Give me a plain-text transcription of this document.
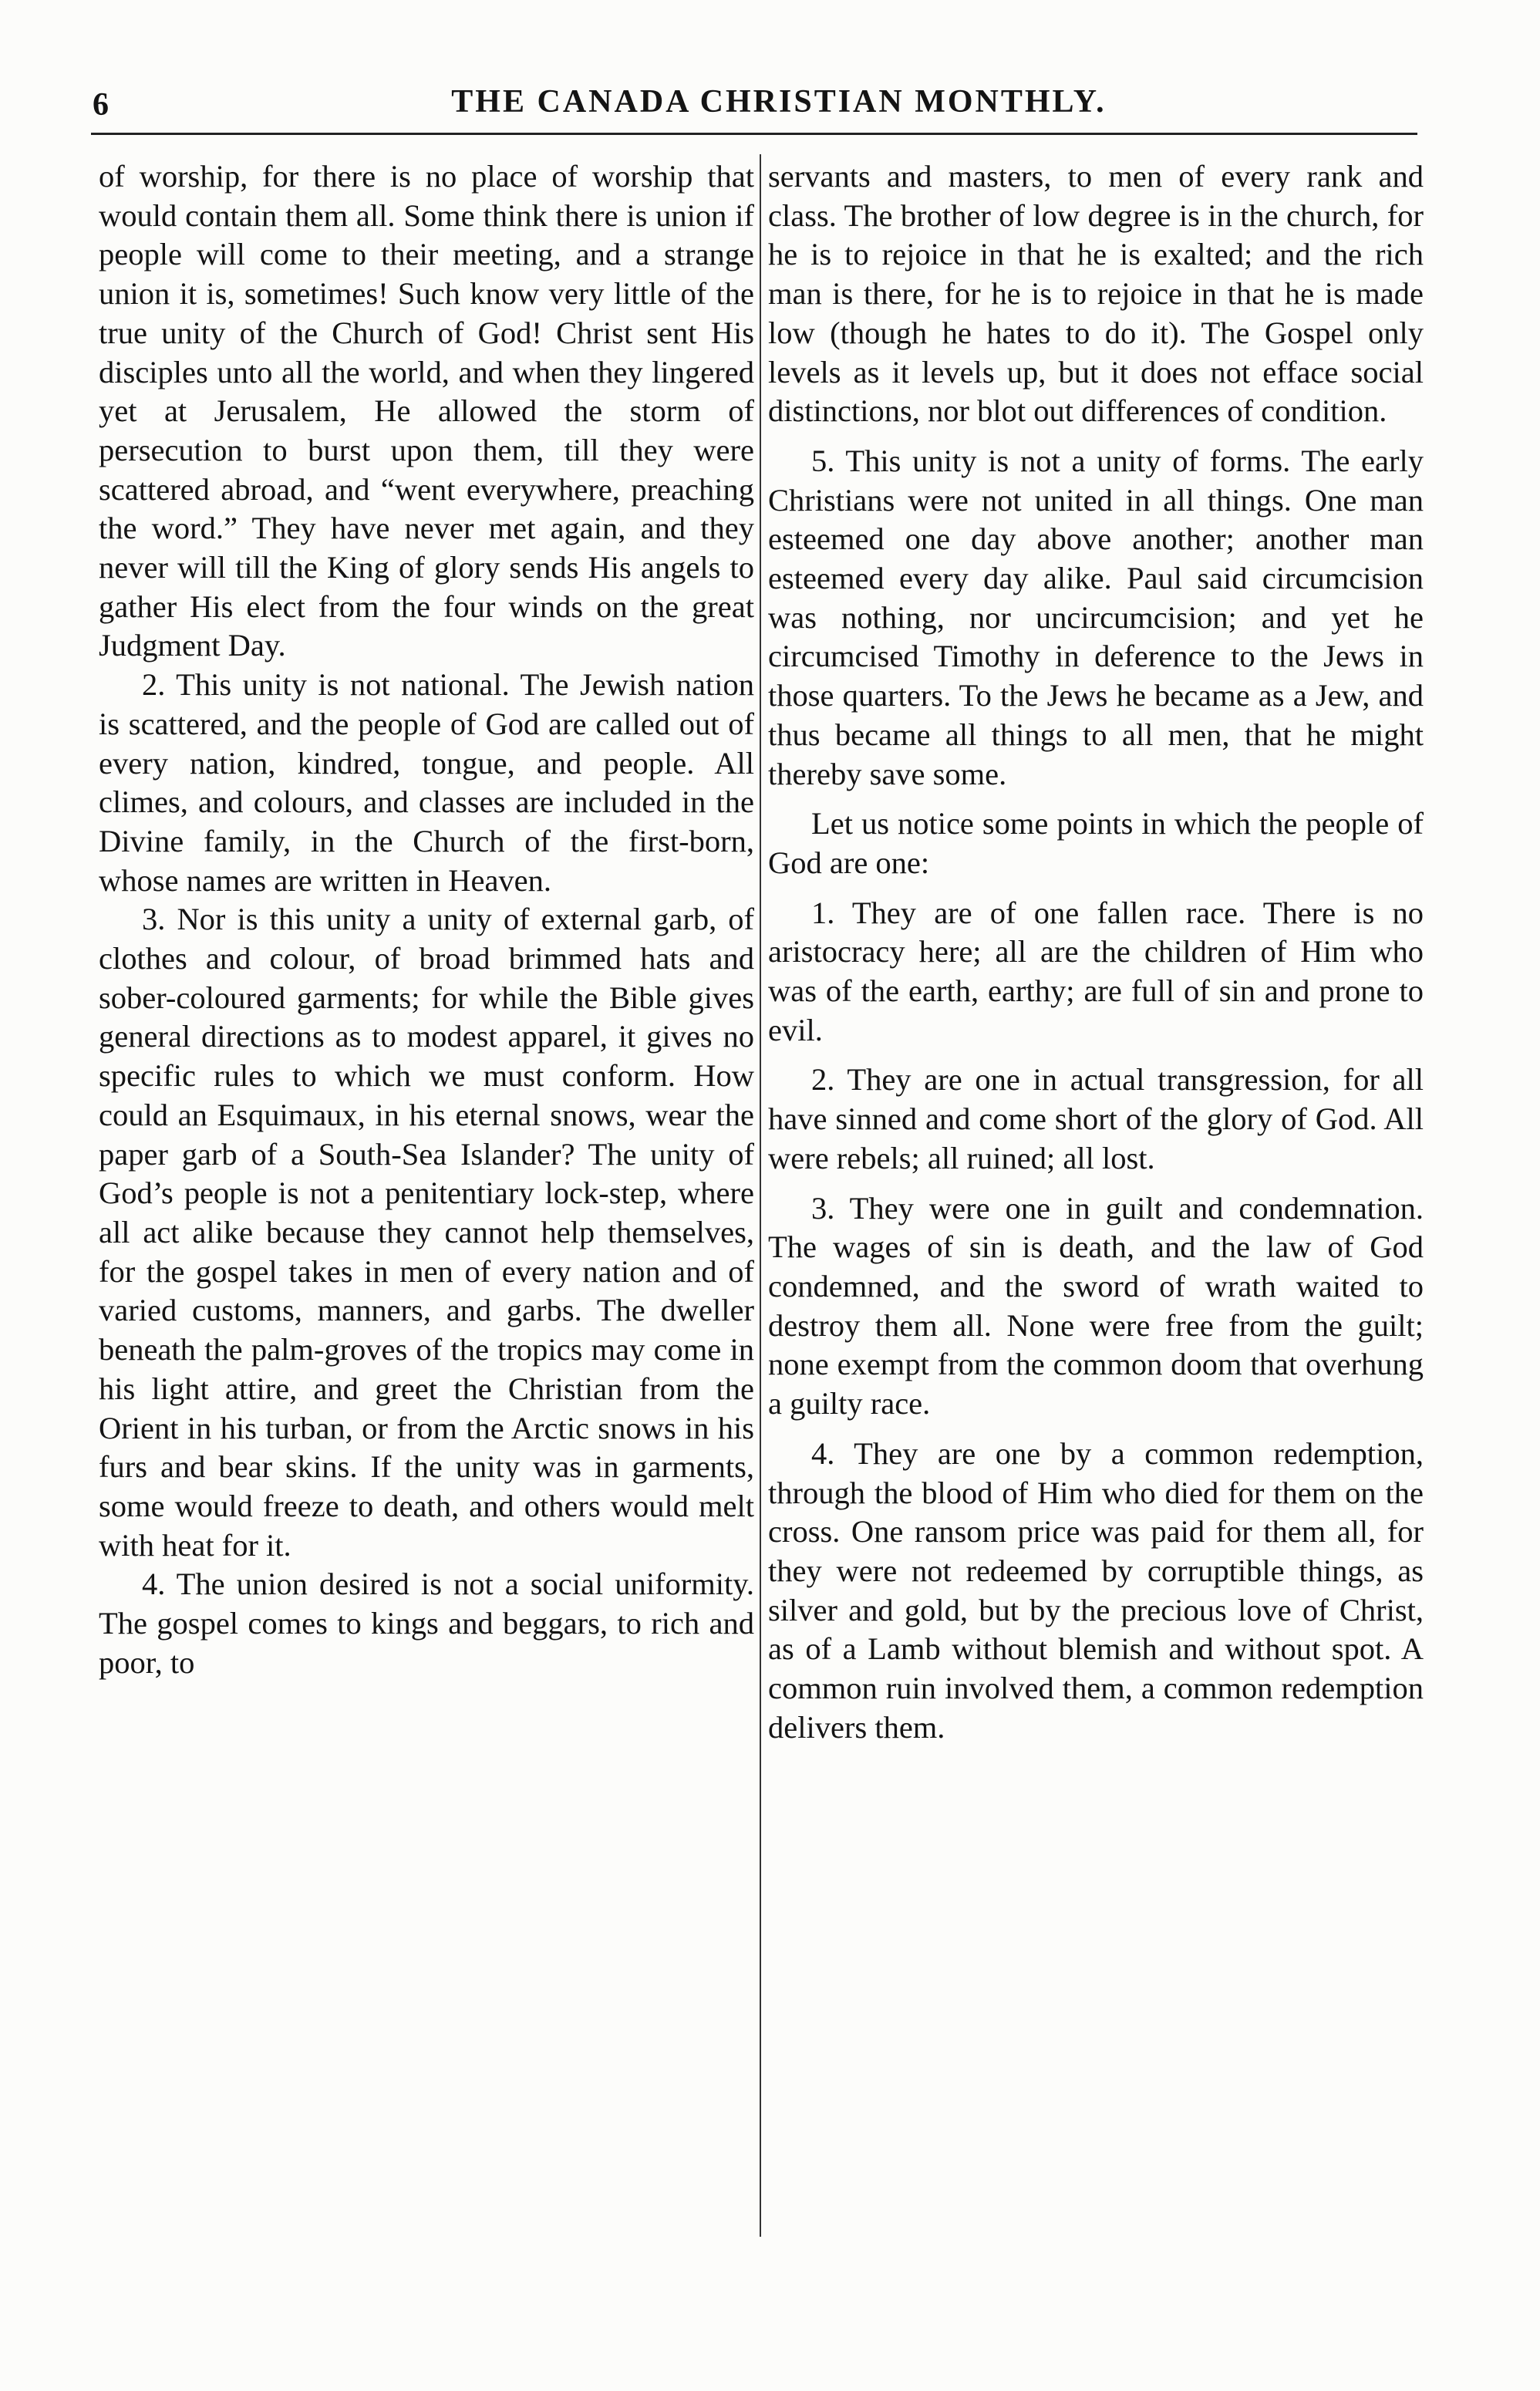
6	THE CANADA CHRISTIAN MONTHLY.

of worship, for there is no place of worship that would contain them all. Some think there is union if people will come to their meeting, and a strange union it is, sometimes! Such know very little of the true unity of the Church of God! Christ sent His disciples unto all the world, and when they lingered yet at Jerusalem, He allowed the storm of persecution to burst upon them, till they were scattered abroad, and “went everywhere, preaching the word.” They have never met again, and they never will till the King of glory sends His angels to gather His elect from the four winds on the great Judgment Day.

2. This unity is not national. The Jewish nation is scattered, and the people of God are called out of every nation, kindred, tongue, and people. All climes, and colours, and classes are included in the Divine family, in the Church of the first-born, whose names are written in Heaven.

3. Nor is this unity a unity of external garb, of clothes and colour, of broad brimmed hats and sober-coloured garments; for while the Bible gives general directions as to modest apparel, it gives no specific rules to which we must conform. How could an Esquimaux, in his eternal snows, wear the paper garb of a South-Sea Islander? The unity of God’s people is not a penitentiary lock-step, where all act alike because they cannot help themselves, for the gospel takes in men of every nation and of varied customs, manners, and garbs. The dweller beneath the palm-groves of the tropics may come in his light attire, and greet the Christian from the Orient in his turban, or from the Arctic snows in his furs and bear skins. If the unity was in garments, some would freeze to death, and others would melt with heat for it.

4. The union desired is not a social uniformity. The gospel comes to kings and beggars, to rich and poor, to

servants and masters, to men of every rank and class. The brother of low degree is in the church, for he is to rejoice in that he is exalted; and the rich man is there, for he is to rejoice in that he is made low (though he hates to do it). The Gospel only levels as it levels up, but it does not efface social distinctions, nor blot out differences of condition.

5. This unity is not a unity of forms. The early Christians were not united in all things. One man esteemed one day above another; another man esteemed every day alike. Paul said circumcision was nothing, nor uncircumcision; and yet he circumcised Timothy in deference to the Jews in those quarters. To the Jews he became as a Jew, and thus became all things to all men, that he might thereby save some.

Let us notice some points in which the people of God are one:

1. They are of one fallen race. There is no aristocracy here; all are the children of Him who was of the earth, earthy; are full of sin and prone to evil.

2. They are one in actual transgression, for all have sinned and come short of the glory of God. All were rebels; all ruined; all lost.

3. They were one in guilt and condemnation. The wages of sin is death, and the law of God condemned, and the sword of wrath waited to destroy them all. None were free from the guilt; none exempt from the common doom that overhung a guilty race.

4. They are one by a common redemption, through the blood of Him who died for them on the cross. One ransom price was paid for them all, for they were not redeemed by corruptible things, as silver and gold, but by the precious love of Christ, as of a Lamb without blemish and without spot. A common ruin involved them, a common redemption delivers them.
